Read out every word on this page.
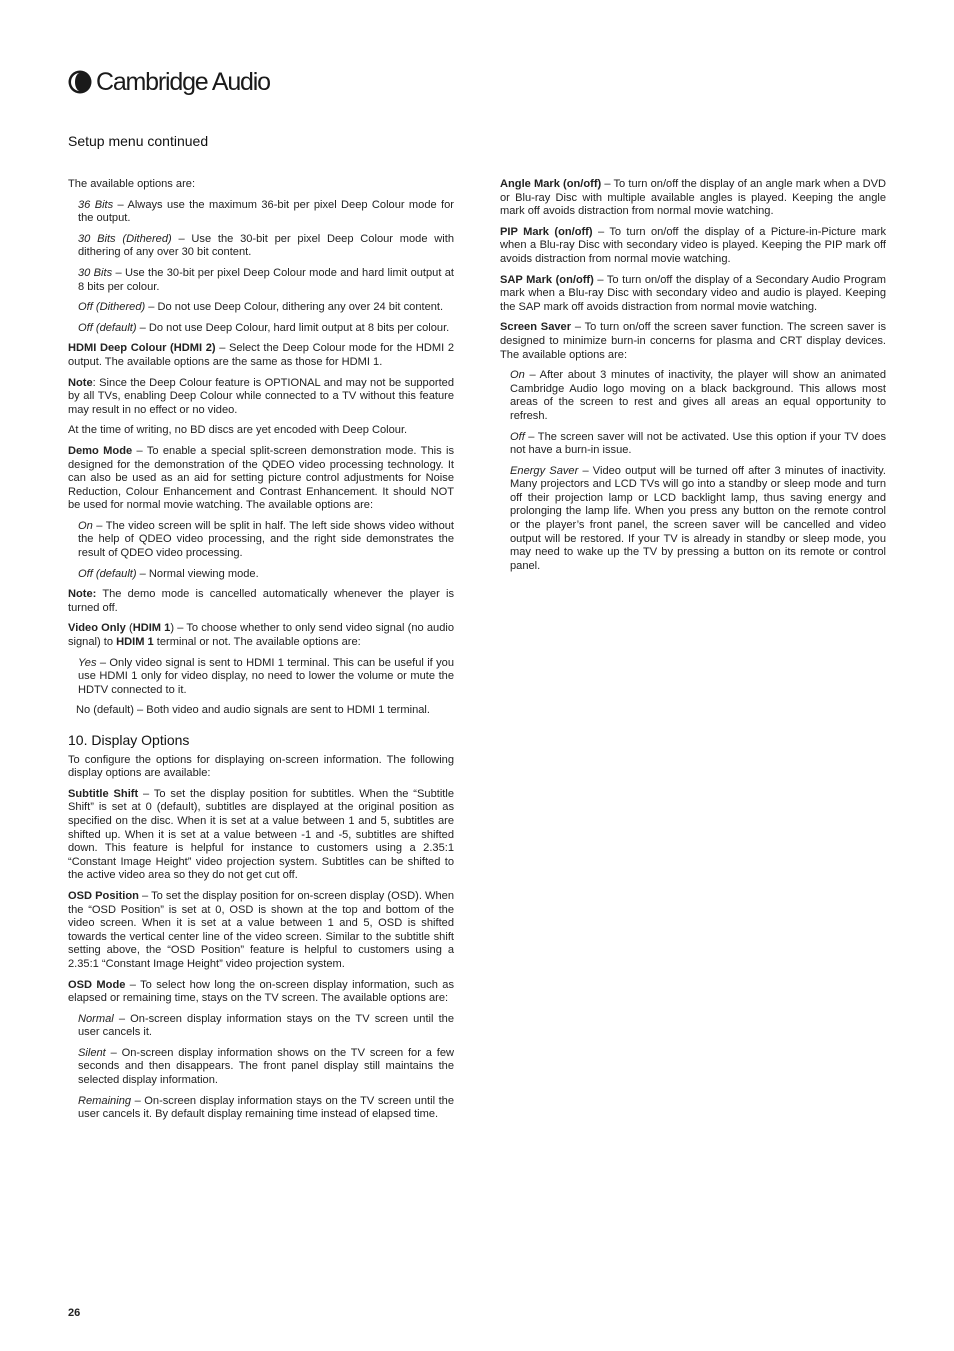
Cambridge Audio
Setup menu continued

The available options are:

36 Bits – Always use the maximum 36-bit per pixel Deep Colour mode for the output.

30 Bits (Dithered) – Use the 30-bit per pixel Deep Colour mode with dithering of any over 30 bit content.

30 Bits – Use the 30-bit per pixel Deep Colour mode and hard limit output at 8 bits per colour.

Off (Dithered) – Do not use Deep Colour, dithering any over 24 bit content.

Off (default) – Do not use Deep Colour, hard limit output at 8 bits per colour.

HDMI Deep Colour (HDMI 2) – Select the Deep Colour mode for the HDMI 2 output. The available options are the same as those for HDMI 1.

Note: Since the Deep Colour feature is OPTIONAL and may not be supported by all TVs, enabling Deep Colour while connected to a TV without this feature may result in no effect or no video.

At the time of writing, no BD discs are yet encoded with Deep Colour.

Demo Mode – To enable a special split-screen demonstration mode. This is designed for the demonstration of the QDEO video processing technology. It can also be used as an aid for setting picture control adjustments for Noise Reduction, Colour Enhancement and Contrast Enhancement. It should NOT be used for normal movie watching. The available options are:

On – The video screen will be split in half. The left side shows video without the help of QDEO video processing, and the right side demonstrates the result of QDEO video processing.

Off (default) – Normal viewing mode.

Note: The demo mode is cancelled automatically whenever the player is turned off.

Video Only (HDIM 1) – To choose whether to only send video signal (no audio signal) to HDIM 1 terminal or not. The available options are:

Yes – Only video signal is sent to HDMI 1 terminal. This can be useful if you use HDMI 1 only for video display, no need to lower the volume or mute the HDTV connected to it.

No (default) – Both video and audio signals are sent to HDMI 1 terminal.

10. Display Options

To configure the options for displaying on-screen information. The following display options are available:

Subtitle Shift – To set the display position for subtitles. When the “Subtitle Shift” is set at 0 (default), subtitles are displayed at the original position as specified on the disc. When it is set at a value between 1 and 5, subtitles are shifted up. When it is set at a value between -1 and -5, subtitles are shifted down. This feature is helpful for instance to customers using a 2.35:1 “Constant Image Height” video projection system. Subtitles can be shifted to the active video area so they do not get cut off.

OSD Position – To set the display position for on-screen display (OSD). When the “OSD Position” is set at 0, OSD is shown at the top and bottom of the video screen. When it is set at a value between 1 and 5, OSD is shifted towards the vertical center line of the video screen. Similar to the subtitle shift setting above, the “OSD Position” feature is helpful to customers using a 2.35:1 “Constant Image Height” video projection system.

OSD Mode – To select how long the on-screen display information, such as elapsed or remaining time, stays on the TV screen. The available options are:

Normal – On-screen display information stays on the TV screen until the user cancels it.

Silent – On-screen display information shows on the TV screen for a few seconds and then disappears. The front panel display still maintains the selected display information.

Remaining – On-screen display information stays on the TV screen until the user cancels it. By default display remaining time instead of elapsed time.

Angle Mark (on/off) – To turn on/off the display of an angle mark when a DVD or Blu-ray Disc with multiple available angles is played. Keeping the angle mark off avoids distraction from normal movie watching.

PIP Mark (on/off) – To turn on/off the display of a Picture-in-Picture mark when a Blu-ray Disc with secondary video is played. Keeping the PIP mark off avoids distraction from normal movie watching.

SAP Mark (on/off) – To turn on/off the display of a Secondary Audio Program mark when a Blu-ray Disc with secondary video and audio is played. Keeping the SAP mark off avoids distraction from normal movie watching.

Screen Saver – To turn on/off the screen saver function. The screen saver is designed to minimize burn-in concerns for plasma and CRT display devices. The available options are:

On – After about 3 minutes of inactivity, the player will show an animated Cambridge Audio logo moving on a black background. This allows most areas of the screen to rest and gives all areas an equal opportunity to refresh.

Off – The screen saver will not be activated. Use this option if your TV does not have a burn-in issue.

Energy Saver – Video output will be turned off after 3 minutes of inactivity. Many projectors and LCD TVs will go into a standby or sleep mode and turn off their projection lamp or LCD backlight lamp, thus saving energy and prolonging the lamp life. When you press any button on the remote control or the player’s front panel, the screen saver will be cancelled and video output will be restored. If your TV is already in standby or sleep mode, you may need to wake up the TV by pressing a button on its remote or control panel.

26
